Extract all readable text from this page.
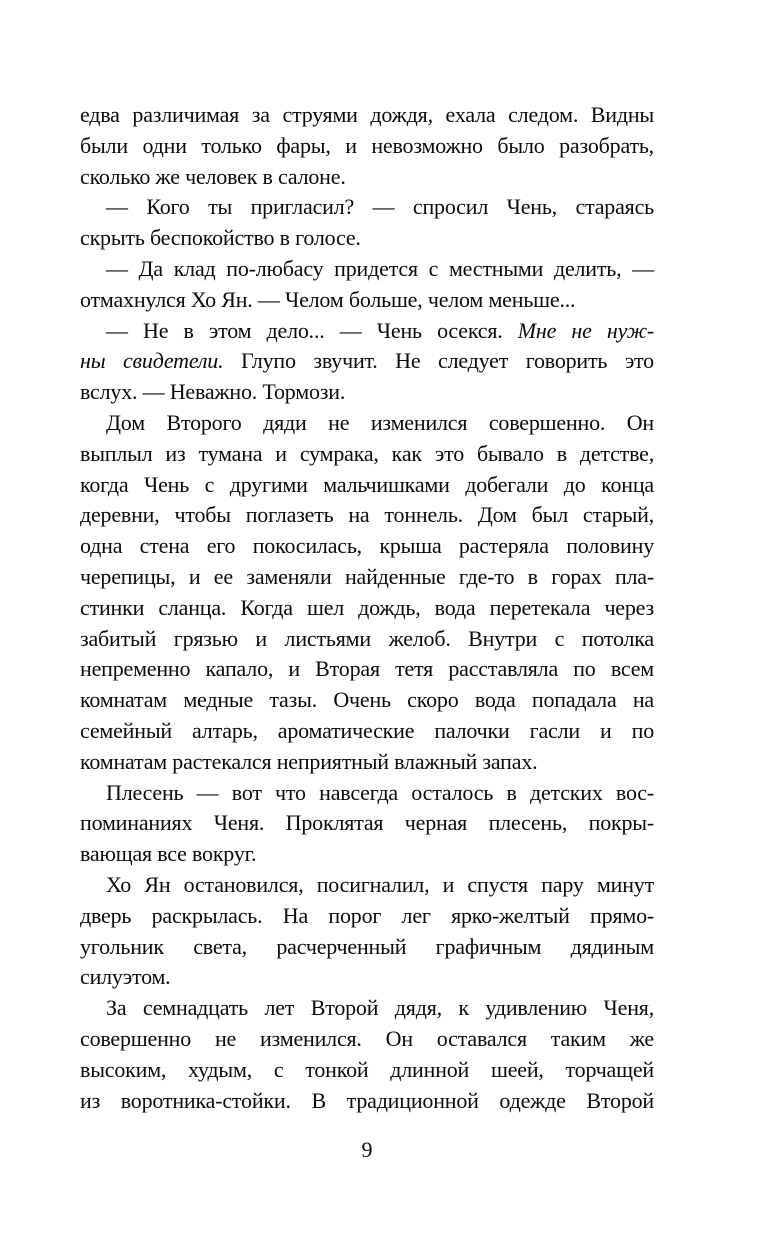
едва различимая за струями дождя, ехала следом. Видны
были одни только фары, и невозможно было разобрать,
сколько же человек в салоне.
— Кого ты пригласил? — спросил Чень, стараясь
скрыть беспокойство в голосе.
— Да клад по-любасу придется с местными делить, —
отмахнулся Хо Ян. — Челом больше, челом меньше...
— Не в этом дело... — Чень осекся. Мне не нуж-
ны свидетели. Глупо звучит. Не следует говорить это
вслух. — Неважно. Тормози.
Дом Второго дяди не изменился совершенно. Он
выплыл из тумана и сумрака, как это бывало в детстве,
когда Чень с другими мальчишками добегали до конца
деревни, чтобы поглазеть на тоннель. Дом был старый,
одна стена его покосилась, крыша растеряла половину
черепицы, и ее заменяли найденные где-то в горах пла-
стинки сланца. Когда шел дождь, вода перетекала через
забитый грязью и листьями желоб. Внутри с потолка
непременно капало, и Вторая тетя расставляла по всем
комнатам медные тазы. Очень скоро вода попадала на
семейный алтарь, ароматические палочки гасли и по
комнатам растекался неприятный влажный запах.
Плесень — вот что навсегда осталось в детских вос-
поминаниях Ченя. Проклятая черная плесень, покры-
вающая все вокруг.
Хо Ян остановился, посигналил, и спустя пару минут
дверь раскрылась. На порог лег ярко-желтый прямо-
угольник света, расчерченный графичным дядиным
силуэтом.
За семнадцать лет Второй дядя, к удивлению Ченя,
совершенно не изменился. Он оставался таким же
высоким, худым, с тонкой длинной шеей, торчащей
из воротника-стойки. В традиционной одежде Второй
9
